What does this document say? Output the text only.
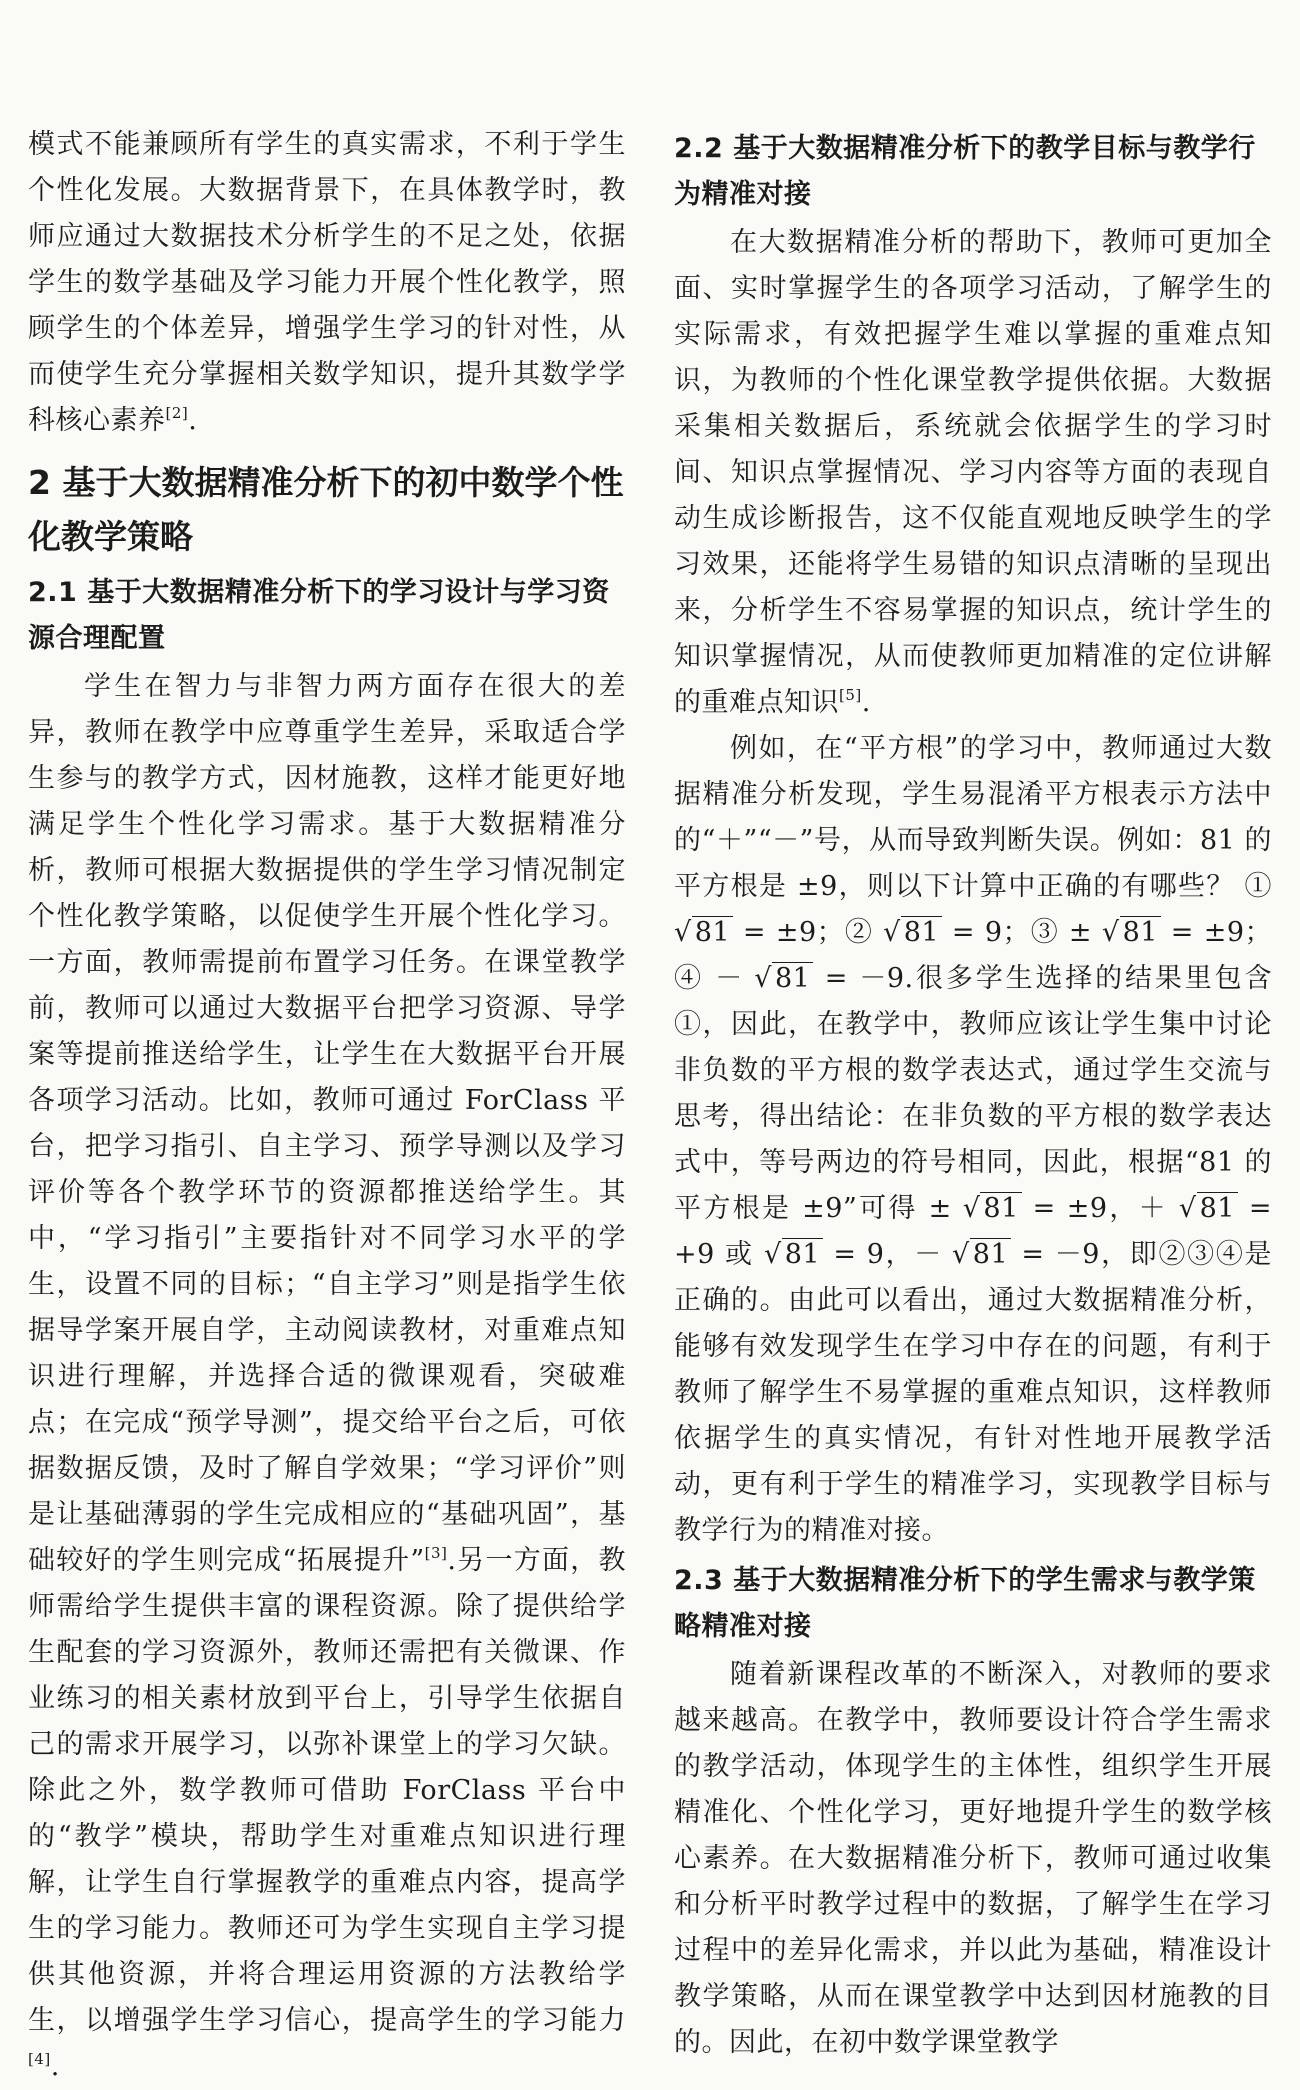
模式不能兼顾所有学生的真实需求，不利于学生个性化发展。大数据背景下，在具体教学时，教师应通过大数据技术分析学生的不足之处，依据学生的数学基础及学习能力开展个性化教学，照顾学生的个体差异，增强学生学习的针对性，从而使学生充分掌握相关数学知识，提升其数学学科核心素养[2].

2 基于大数据精准分析下的初中数学个性化教学策略
2.1 基于大数据精准分析下的学习设计与学习资源合理配置

学生在智力与非智力两方面存在很大的差异，教师在教学中应尊重学生差异，采取适合学生参与的教学方式，因材施教，这样才能更好地满足学生个性化学习需求。基于大数据精准分析，教师可根据大数据提供的学生学习情况制定个性化教学策略，以促使学生开展个性化学习。一方面，教师需提前布置学习任务。在课堂教学前，教师可以通过大数据平台把学习资源、导学案等提前推送给学生，让学生在大数据平台开展各项学习活动。比如，教师可通过 ForClass 平台，把学习指引、自主学习、预学导测以及学习评价等各个教学环节的资源都推送给学生。其中，“学习指引”主要指针对不同学习水平的学生，设置不同的目标；“自主学习”则是指学生依据导学案开展自学，主动阅读教材，对重难点知识进行理解，并选择合适的微课观看，突破难点；在完成“预学导测”，提交给平台之后，可依据数据反馈，及时了解自学效果；“学习评价”则是让基础薄弱的学生完成相应的“基础巩固”，基础较好的学生则完成“拓展提升”[3].另一方面，教师需给学生提供丰富的课程资源。除了提供给学生配套的学习资源外，教师还需把有关微课、作业练习的相关素材放到平台上，引导学生依据自己的需求开展学习，以弥补课堂上的学习欠缺。除此之外，数学教师可借助 ForClass 平台中的“教学”模块，帮助学生对重难点知识进行理解，让学生自行掌握教学的重难点内容，提高学生的学习能力。教师还可为学生实现自主学习提供其他资源，并将合理运用资源的方法教给学生，以增强学生学习信心，提高学生的学习能力[4].

2.2 基于大数据精准分析下的教学目标与教学行为精准对接

在大数据精准分析的帮助下，教师可更加全面、实时掌握学生的各项学习活动，了解学生的实际需求，有效把握学生难以掌握的重难点知识，为教师的个性化课堂教学提供依据。大数据采集相关数据后，系统就会依据学生的学习时间、知识点掌握情况、学习内容等方面的表现自动生成诊断报告，这不仅能直观地反映学生的学习效果，还能将学生易错的知识点清晰的呈现出来，分析学生不容易掌握的知识点，统计学生的知识掌握情况，从而使教师更加精准的定位讲解的重难点知识[5].

例如，在“平方根”的学习中，教师通过大数据精准分析发现，学生易混淆平方根表示方法中的“＋”“－”号，从而导致判断失误。例如：81 的平方根是 ±9，则以下计算中正确的有哪些？ ① √ 81 = ±9；② √ 81 = 9；③ ± √ 81 = ±9；④ － √ 81 = －9.很多学生选择的结果里包含①，因此，在教学中，教师应该让学生集中讨论非负数的平方根的数学表达式，通过学生交流与思考，得出结论：在非负数的平方根的数学表达式中，等号两边的符号相同，因此，根据“81 的平方根是 ±9”可得 ± √ 81 = ±9，＋ √ 81 = +9 或 √ 81 = 9，－ √ 81 = －9，即②③④是正确的。由此可以看出，通过大数据精准分析，能够有效发现学生在学习中存在的问题，有利于教师了解学生不易掌握的重难点知识，这样教师依据学生的真实情况，有针对性地开展教学活动，更有利于学生的精准学习，实现教学目标与教学行为的精准对接。

2.3 基于大数据精准分析下的学生需求与教学策略精准对接

随着新课程改革的不断深入，对教师的要求越来越高。在教学中，教师要设计符合学生需求的教学活动，体现学生的主体性，组织学生开展精准化、个性化学习，更好地提升学生的数学核心素养。在大数据精准分析下，教师可通过收集和分析平时教学过程中的数据，了解学生在学习过程中的差异化需求，并以此为基础，精准设计教学策略，从而在课堂教学中达到因材施教的目的。因此，在初中数学课堂教学
